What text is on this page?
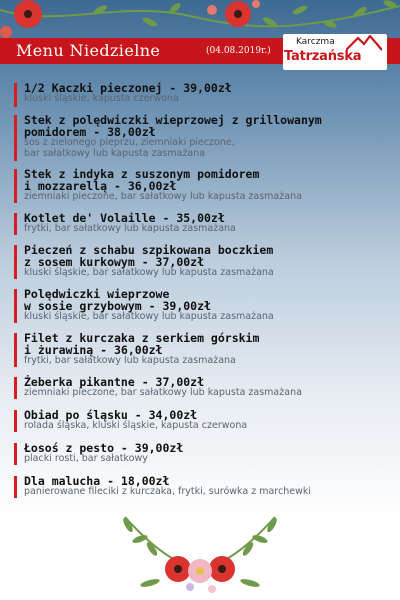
Menu Niedzielne	(04.08.2019r.)
Karczma
Tatrzańska
1/2 Kaczki pieczonej - 39,00zł
kluski śląskie, kapusta czerwona
Stek z polędwiczki wieprzowej z grillowanym
pomidorem - 38,00zł
sos z zielonego pieprzu, ziemniaki pieczone,
bar sałatkowy lub kapusta zasmażana
Stek z indyka z suszonym pomidorem
i mozzarellą - 36,00zł
ziemniaki pieczone, bar sałatkowy lub kapusta zasmażana
Kotlet de' Volaille - 35,00zł
frytki, bar sałatkowy lub kapusta zasmażana
Pieczeń z schabu szpikowana boczkiem
z sosem kurkowym - 37,00zł
kluski śląskie, bar sałatkowy lub kapusta zasmażana
Polędwiczki wieprzowe
w sosie grzybowym - 39,00zł
kluski śląskie, bar sałatkowy lub kapusta zasmażana
Filet z kurczaka z serkiem górskim
i żurawiną - 36,00zł
frytki, bar sałatkowy lub kapusta zasmażana
Żeberka pikantne - 37,00zł
ziemniaki pieczone, bar sałatkowy lub kapusta zasmażana
Obiad po śląsku - 34,00zł
rolada śląska, kluski śląskie, kapusta czerwona
Łosoś z pesto - 39,00zł
placki rosti, bar sałatkowy
Dla malucha - 18,00zł
panierowane fileciki z kurczaka, frytki, surówka z marchewki
